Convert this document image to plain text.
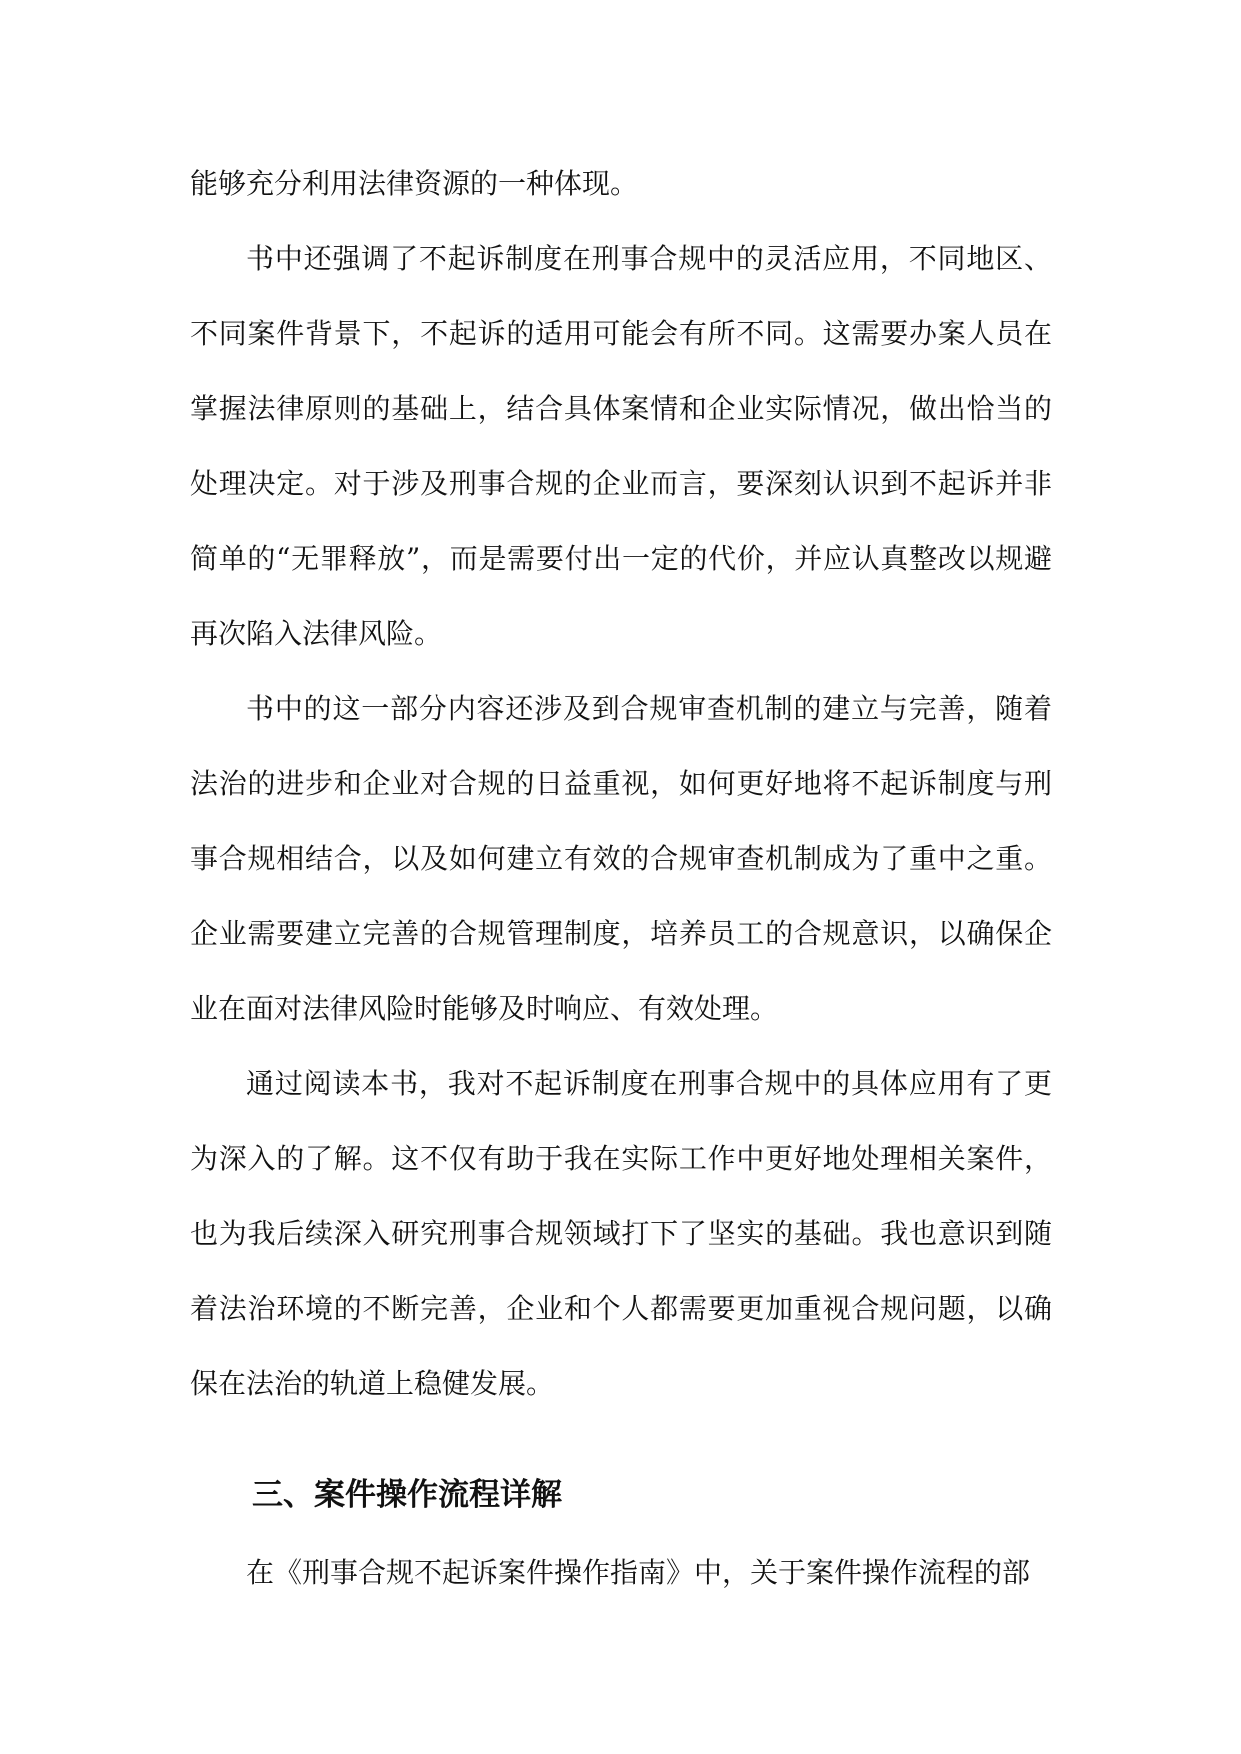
能够充分利用法律资源的一种体现。

书中还强调了不起诉制度在刑事合规中的灵活应用，不同地区、不同案件背景下，不起诉的适用可能会有所不同。这需要办案人员在掌握法律原则的基础上，结合具体案情和企业实际情况，做出恰当的处理决定。对于涉及刑事合规的企业而言，要深刻认识到不起诉并非简单的“无罪释放”，而是需要付出一定的代价，并应认真整改以规避再次陷入法律风险。

书中的这一部分内容还涉及到合规审查机制的建立与完善，随着法治的进步和企业对合规的日益重视，如何更好地将不起诉制度与刑事合规相结合，以及如何建立有效的合规审查机制成为了重中之重。企业需要建立完善的合规管理制度，培养员工的合规意识，以确保企业在面对法律风险时能够及时响应、有效处理。

通过阅读本书，我对不起诉制度在刑事合规中的具体应用有了更为深入的了解。这不仅有助于我在实际工作中更好地处理相关案件，也为我后续深入研究刑事合规领域打下了坚实的基础。我也意识到随着法治环境的不断完善，企业和个人都需要更加重视合规问题，以确保在法治的轨道上稳健发展。

三、案件操作流程详解

在《刑事合规不起诉案件操作指南》中，关于案件操作流程的部
